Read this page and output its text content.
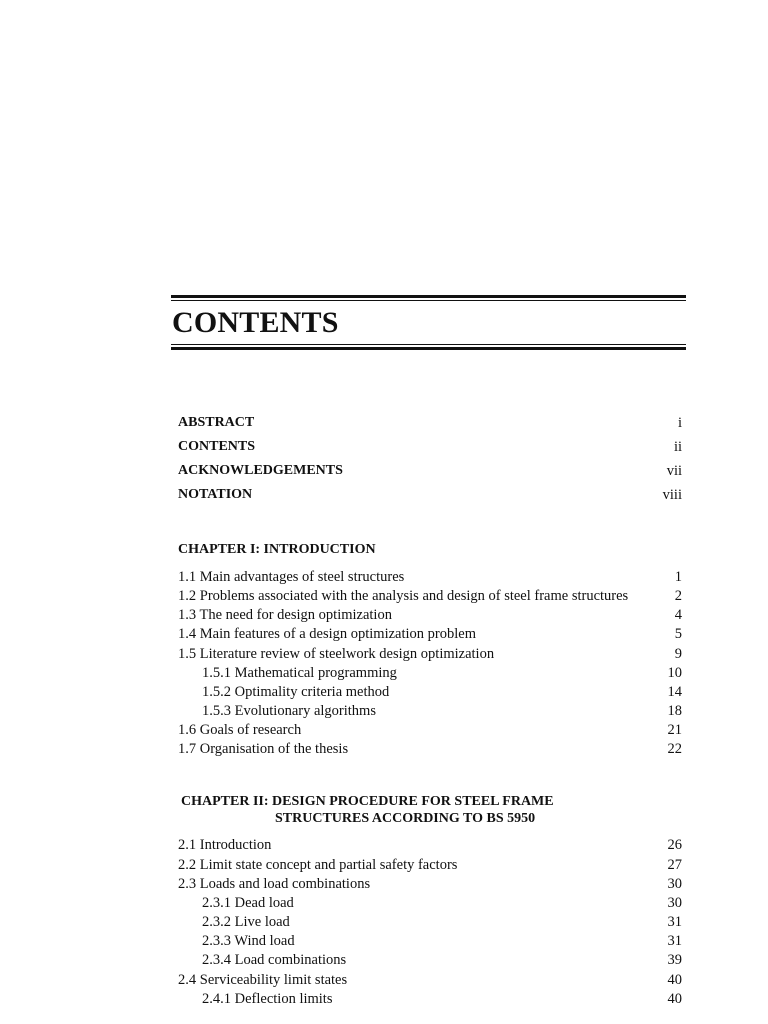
CONTENTS
ABSTRACT	i
CONTENTS	ii
ACKNOWLEDGEMENTS	vii
NOTATION	viii
CHAPTER I: INTRODUCTION
1.1 Main advantages of steel structures	1
1.2 Problems associated with the analysis and design of steel frame structures	2
1.3 The need for design optimization	4
1.4 Main features of a design optimization problem	5
1.5 Literature review of steelwork design optimization	9
1.5.1 Mathematical programming	10
1.5.2 Optimality criteria method	14
1.5.3 Evolutionary algorithms	18
1.6 Goals of research	21
1.7 Organisation of the thesis	22
CHAPTER II: DESIGN PROCEDURE FOR STEEL FRAME
STRUCTURES ACCORDING TO BS 5950
2.1 Introduction	26
2.2 Limit state concept and partial safety factors	27
2.3 Loads and load combinations	30
2.3.1 Dead load	30
2.3.2 Live load	31
2.3.3 Wind load	31
2.3.4 Load combinations	39
2.4 Serviceability limit states	40
2.4.1 Deflection limits	40
